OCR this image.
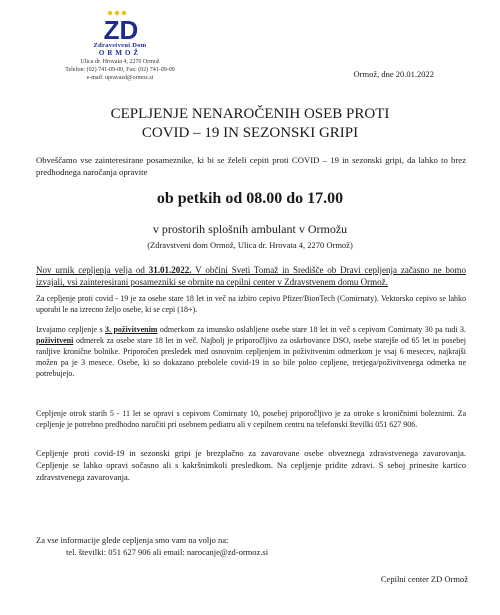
ZD
Zdravstveni Dom
ORMOŽ
Ulica dr. Hrovata 4, 2270 Ormož
Telefon: (02) 741-09-00, Fax: (02) 741-09-09
e-mail: upravazd@ormoz.si	Ormož, dne 20.01.2022
CEPLJENJE NENAROČENIH OSEB PROTI
COVID – 19 IN SEZONSKI GRIPI

Obveščamo vse zainteresirane posameznike, ki bi se želeli cepiti proti COVID – 19 in sezonski gripi, da lahko to brez predhodnega naročanja opravite

ob petkih od 08.00 do 17.00
v prostorih splošnih ambulant v Ormožu
(Zdravstveni dom Ormož, Ulica dr. Hrovata 4, 2270 Ormož)

Nov urnik cepljenja velja od 31.01.2022. V občini Sveti Tomaž in Središče ob Dravi cepljenja začasno ne bomo izvajali, vsi zainteresirani posamezniki se obrnite na cepilni center v Zdravstvenem domu Ormož.

Za cepljenje proti covid - 19 je za osebe stare 18 let in več na izbiro cepivo Pfizer/BionTech (Comirnaty). Vektorsko cepivo se lahko uporabi le na izrecno željo osebe, ki se cepi (18+).

Izvajamo cepljenje s 3. poživitvenim odmerkom za imunsko oslabljene osebe stare 18 let in več s cepivom Comirnaty 30 pa tudi 3. poživitveni odmerek za osebe stare 18 let in več. Najbolj je priporočljivo za oskrbovance DSO, osebe starejše od 65 let in posebej ranljive kronične bolnike. Priporočen presledek med osnovnim cepljenjem in poživitvenim odmerkom je vsaj 6 mesecev, najkrajši možen pa je 3 mesece. Osebe, ki so dokazano prebolele covid-19 in so bile polno cepljene, tretjega/poživitvenega odmerka ne potrebujejo.

Cepljenje otrok starih 5 - 11 let se opravi s cepivom Comirnaty 10, posebej priporočljivo je za otroke s kroničnimi boleznimi. Za cepljenje je potrebno predhodno naročiti pri osebnem pediatru ali v cepilnem centru na telefonski številki 051 627 906.

Cepljenje proti covid-19 in sezonski gripi je brezplačno za zavarovane osebe obveznega zdravstvenega zavarovanja. Cepljenje se lahko opravi sočasno ali s kakršnimkoli presledkom. Na cepljenje pridite zdravi. S seboj prinesite kartico zdravstvenega zavarovanja.

Za vse informacije glede cepljenja smo vam na voljo na:

tel. številki: 051 627 906 ali email: narocanje@zd-ormoz.si

Cepilni center ZD Ormož
